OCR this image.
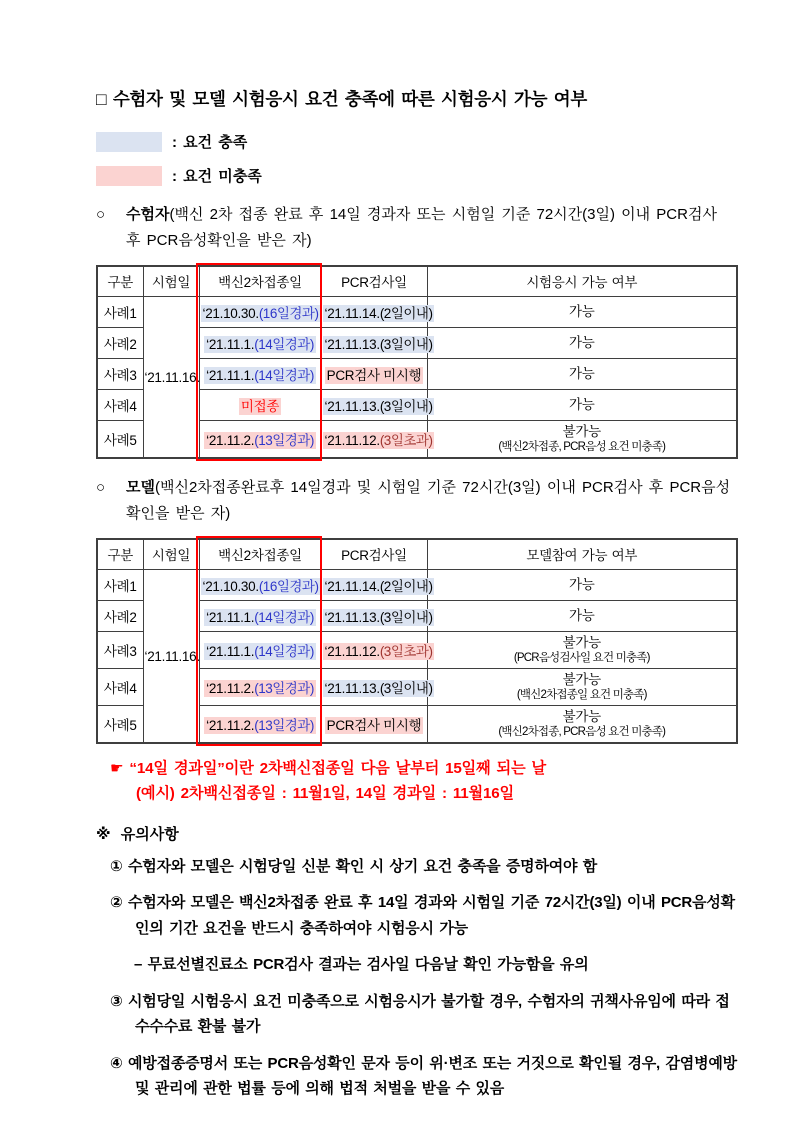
□ 수험자 및 모델 시험응시 요건 충족에 따른 시험응시 가능 여부
: 요건 충족
: 요건 미충족
○	수험자(백신 2차 접종 완료 후 14일 경과자 또는 시험일 기준 72시간(3일) 이내 PCR검사 후 PCR음성확인을 받은 자)
구분	시험일	백신2차접종일	PCR검사일	시험응시 가능 여부
사례1	‘21.11.16.	‘21.10.30.(16일경과)	‘21.11.14.(2일이내)	가능

사례2		‘21.11.1.(14일경과)	‘21.11.13.(3일이내)	가능

사례3		‘21.11.1.(14일경과)	PCR검사 미시행	가능

사례4		미접종	‘21.11.13.(3일이내)	가능

사례5		‘21.11.2.(13일경과)	‘21.11.12.(3일초과)	불가능
(백신2차접종, PCR음성 요건 미충족)
○	모델(백신2차접종완료후 14일경과 및 시험일 기준 72시간(3일) 이내 PCR검사 후 PCR음성확인을 받은 자)
구분	시험일	백신2차접종일	PCR검사일	모델참여 가능 여부
사례1	‘21.11.16.	‘21.10.30.(16일경과)	‘21.11.14.(2일이내)	가능

사례2		‘21.11.1.(14일경과)	‘21.11.13.(3일이내)	가능

사례3		‘21.11.1.(14일경과)	‘21.11.12.(3일초과)	불가능
(PCR음성검사일 요건 미충족)

사례4		‘21.11.2.(13일경과)	‘21.11.13.(3일이내)	불가능
(백신2차접종일 요건 미충족)

사례5		‘21.11.2.(13일경과)	PCR검사 미시행	불가능
(백신2차접종, PCR음성 요건 미충족)
☛ “14일 경과일”이란 2차백신접종일 다음 날부터 15일째 되는 날
(예시) 2차백신접종일 : 11월1일, 14일 경과일 : 11월16일
※ 유의사항
① 수험자와 모델은 시험당일 신분 확인 시 상기 요건 충족을 증명하여야 함
② 수험자와 모델은 백신2차접종 완료 후 14일 경과와 시험일 기준 72시간(3일) 이내 PCR음성확인의 기간 요건을 반드시 충족하여야 시험응시 가능
– 무료선별진료소 PCR검사 결과는 검사일 다음날 확인 가능함을 유의
③ 시험당일 시험응시 요건 미충족으로 시험응시가 불가할 경우, 수험자의 귀책사유임에 따라 접수수수료 환불 불가
④ 예방접종증명서 또는 PCR음성확인 문자 등이 위·변조 또는 거짓으로 확인될 경우, 감염병예방 및 관리에 관한 법률 등에 의해 법적 처벌을 받을 수 있음
